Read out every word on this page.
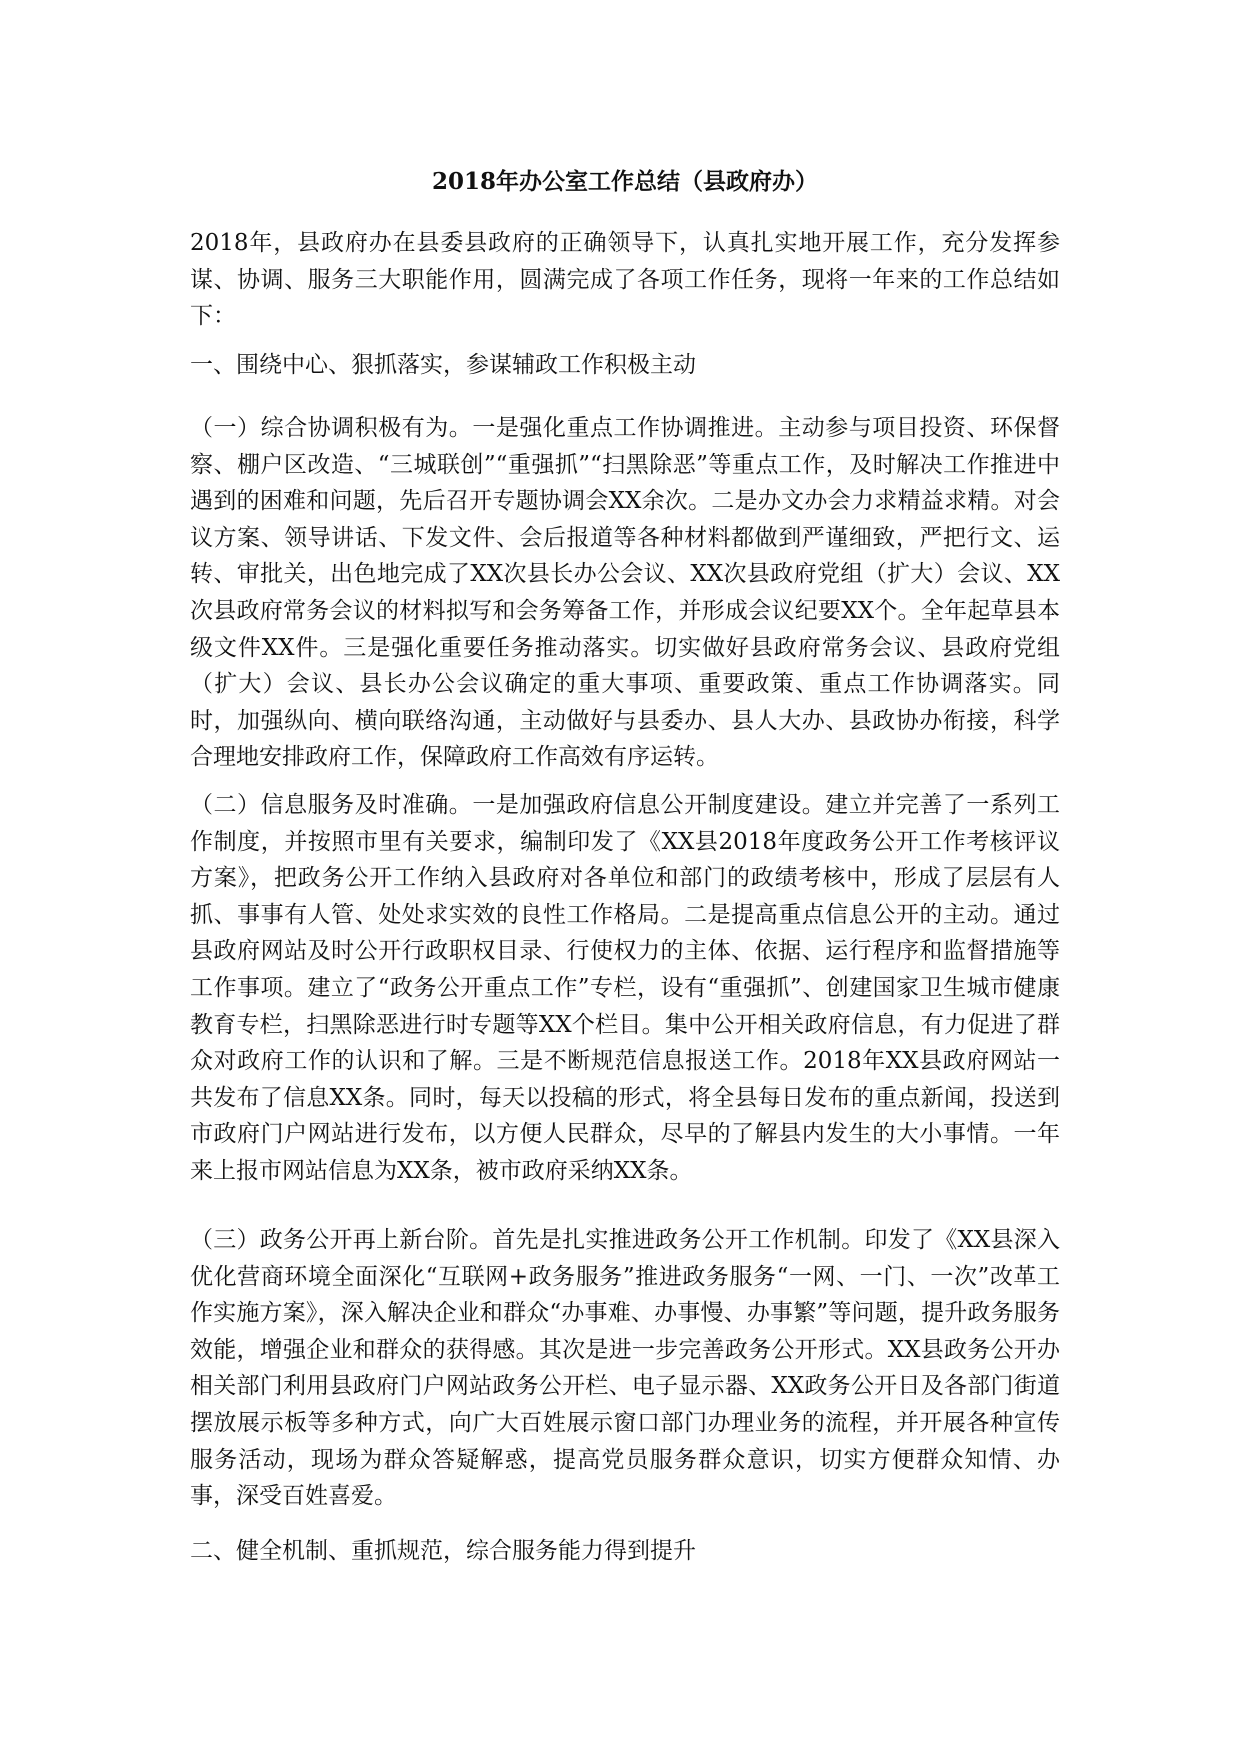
2018年办公室工作总结（县政府办）

2018年，县政府办在县委县政府的正确领导下，认真扎实地开展工作，充分发挥参谋、协调、服务三大职能作用，圆满完成了各项工作任务，现将一年来的工作总结如下：

一、围绕中心、狠抓落实，参谋辅政工作积极主动

（一）综合协调积极有为。一是强化重点工作协调推进。主动参与项目投资、环保督察、棚户区改造、“三城联创”“重强抓”“扫黑除恶”等重点工作，及时解决工作推进中遇到的困难和问题，先后召开专题协调会XX余次。二是办文办会力求精益求精。对会议方案、领导讲话、下发文件、会后报道等各种材料都做到严谨细致，严把行文、运转、审批关，出色地完成了XX次县长办公会议、XX次县政府党组（扩大）会议、XX次县政府常务会议的材料拟写和会务筹备工作，并形成会议纪要XX个。全年起草县本级文件XX件。三是强化重要任务推动落实。切实做好县政府常务会议、县政府党组（扩大）会议、县长办公会议确定的重大事项、重要政策、重点工作协调落实。同时，加强纵向、横向联络沟通，主动做好与县委办、县人大办、县政协办衔接，科学合理地安排政府工作，保障政府工作高效有序运转。

（二）信息服务及时准确。一是加强政府信息公开制度建设。建立并完善了一系列工作制度，并按照市里有关要求，编制印发了《XX县2018年度政务公开工作考核评议方案》，把政务公开工作纳入县政府对各单位和部门的政绩考核中，形成了层层有人抓、事事有人管、处处求实效的良性工作格局。二是提高重点信息公开的主动。通过县政府网站及时公开行政职权目录、行使权力的主体、依据、运行程序和监督措施等工作事项。建立了“政务公开重点工作”专栏，设有“重强抓”、创建国家卫生城市健康教育专栏，扫黑除恶进行时专题等XX个栏目。集中公开相关政府信息，有力促进了群众对政府工作的认识和了解。三是不断规范信息报送工作。2018年XX县政府网站一共发布了信息XX条。同时，每天以投稿的形式，将全县每日发布的重点新闻，投送到市政府门户网站进行发布，以方便人民群众，尽早的了解县内发生的大小事情。一年来上报市网站信息为XX条，被市政府采纳XX条。

（三）政务公开再上新台阶。首先是扎实推进政务公开工作机制。印发了《XX县深入优化营商环境全面深化“互联网+政务服务”推进政务服务“一网、一门、一次”改革工作实施方案》，深入解决企业和群众“办事难、办事慢、办事繁”等问题，提升政务服务效能，增强企业和群众的获得感。其次是进一步完善政务公开形式。XX县政务公开办相关部门利用县政府门户网站政务公开栏、电子显示器、XX政务公开日及各部门街道摆放展示板等多种方式，向广大百姓展示窗口部门办理业务的流程，并开展各种宣传服务活动，现场为群众答疑解惑，提高党员服务群众意识，切实方便群众知情、办事，深受百姓喜爱。

二、健全机制、重抓规范，综合服务能力得到提升
